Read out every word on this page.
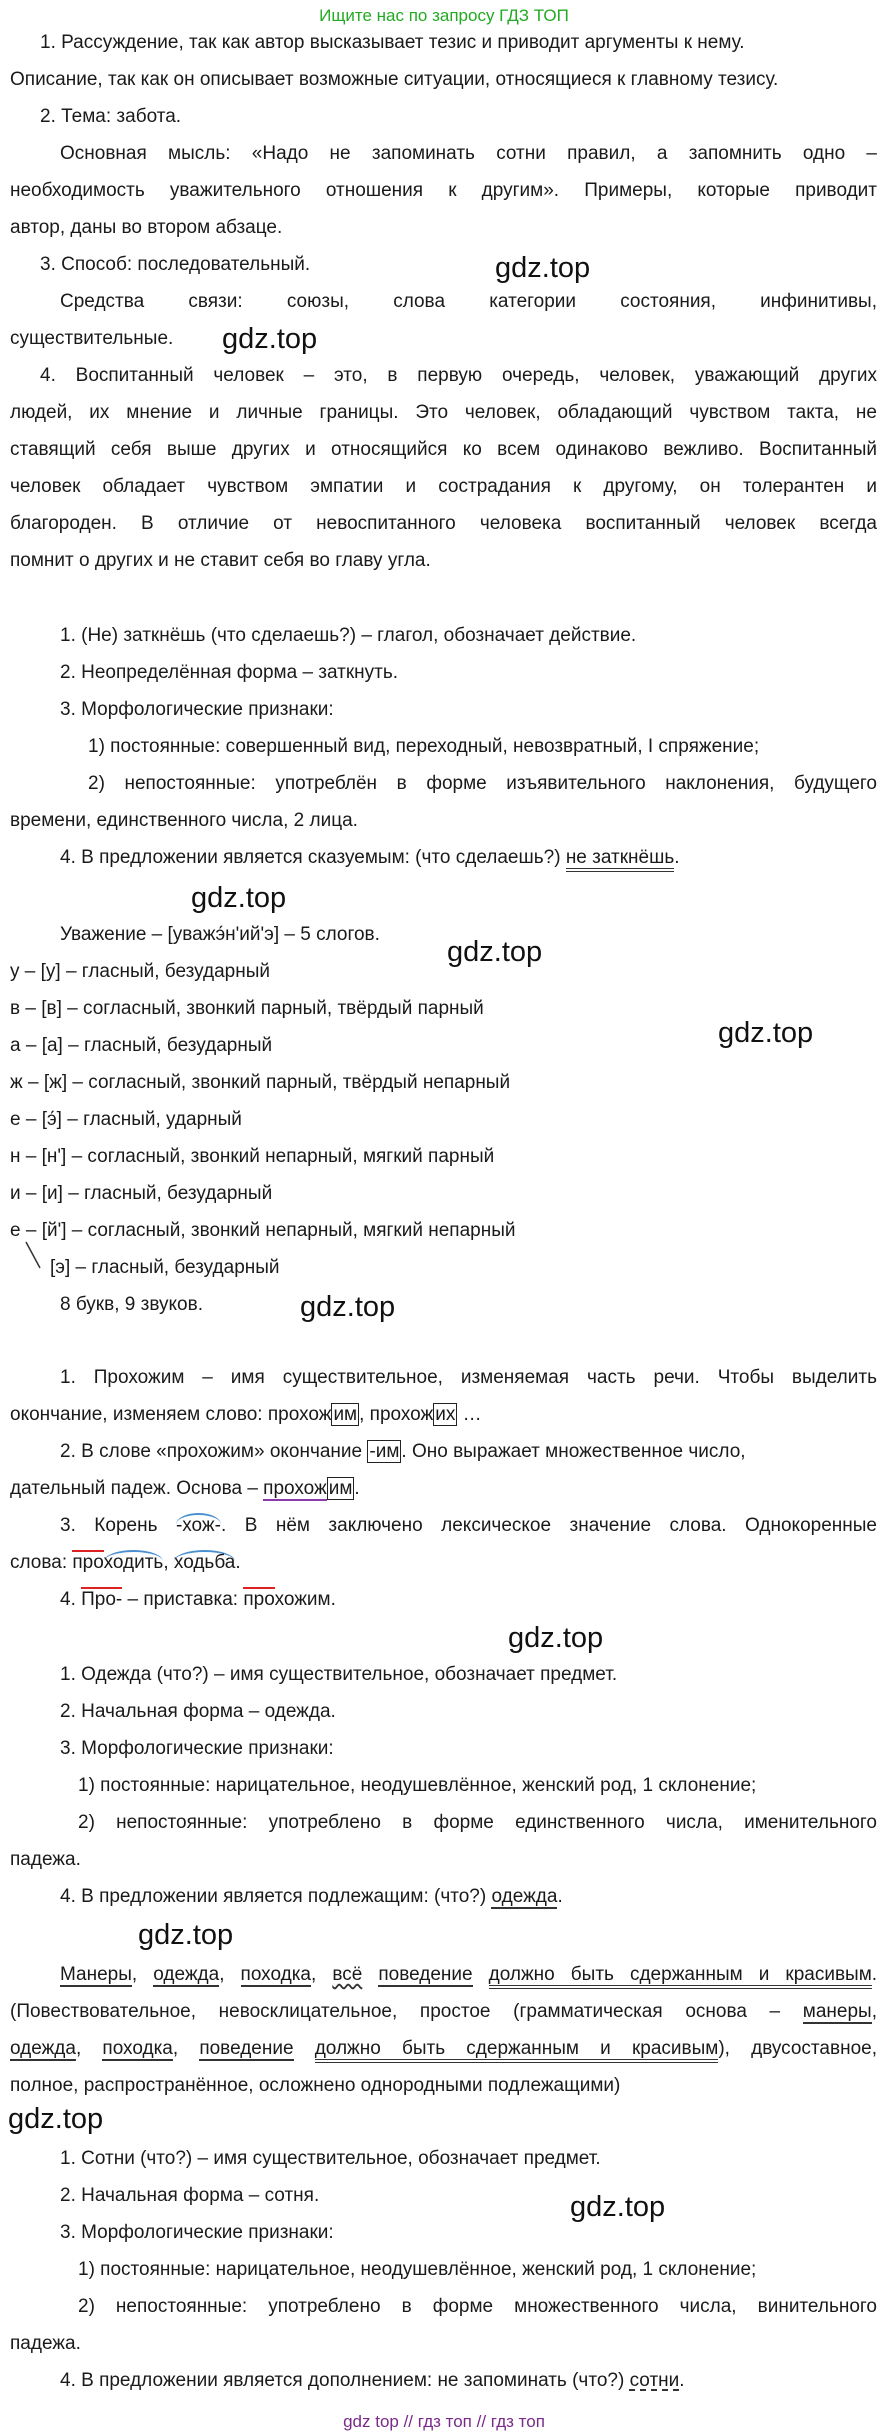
Ищите нас по запросу ГДЗ ТОП
gdz top // гдз топ // гдз топ
gdz.top
gdz.top
gdz.top
gdz.top
gdz.top
gdz.top
gdz.top
gdz.top
gdz.top
gdz.top
1. Рассуждение, так как автор высказывает тезис и приводит аргументы к нему.
Описание, так как он описывает возможные ситуации, относящиеся к главному тезису.
2. Тема: забота.
Основная мысль: «Надо не запоминать сотни правил, а запомнить одно –
необходимость уважительного отношения к другим». Примеры, которые приводит
автор, даны во втором абзаце.
3. Способ: последовательный.
Средства связи: союзы, слова категории состояния, инфинитивы,
существительные.
4. Воспитанный человек – это, в первую очередь, человек, уважающий других
людей, их мнение и личные границы. Это человек, обладающий чувством такта, не
ставящий себя выше других и относящийся ко всем одинаково вежливо. Воспитанный
человек обладает чувством эмпатии и сострадания к другому, он толерантен и
благороден. В отличие от невоспитанного человека воспитанный человек всегда
помнит о других и не ставит себя во главу угла.
1. (Не) заткнёшь (что сделаешь?) – глагол, обозначает действие.
2. Неопределённая форма – заткнуть.
3. Морфологические признаки:
1) постоянные: совершенный вид, переходный, невозвратный, I спряжение;
2) непостоянные: употреблён в форме изъявительного наклонения, будущего
времени, единственного числа, 2 лица.
4. В предложении является сказуемым: (что сделаешь?) не заткнёшь.
Уважение – [уважэ́н'ий'э] – 5 слогов.
у – [у] – гласный, безударный
в – [в] – согласный, звонкий парный, твёрдый парный
а – [а] – гласный, безударный
ж – [ж] – согласный, звонкий парный, твёрдый непарный
е – [э́] – гласный, ударный
н – [н'] – согласный, звонкий непарный, мягкий парный
и – [и] – гласный, безударный
е – [й'] – согласный, звонкий непарный, мягкий непарный
[э] – гласный, безударный
8 букв, 9 звуков.
1. Прохожим – имя существительное, изменяемая часть речи. Чтобы выделить
окончание, изменяем слово: прохож им , прохож их …
2. В слове «прохожим» окончание -им . Оно выражает множественное число,
дательный падеж. Основа – прохож им .
3. Корень -хож-. В нём заключено лексическое значение слова. Однокоренные
слова: проходить, ходьба.
4. Про- – приставка: прохожим.
1. Одежда (что?) – имя существительное, обозначает предмет.
2. Начальная форма – одежда.
3. Морфологические признаки:
1) постоянные: нарицательное, неодушевлённое, женский род, 1 склонение;
2) непостоянные: употреблено в форме единственного числа, именительного
падежа.
4. В предложении является подлежащим: (что?) одежда.
Манеры, одежда, походка, всё поведение должно быть сдержанным и красивым.
(Повествовательное, невосклицательное, простое (грамматическая основа – манеры,
одежда, походка, поведение должно быть сдержанным и красивым), двусоставное,
полное, распространённое, осложнено однородными подлежащими)
1. Сотни (что?) – имя существительное, обозначает предмет.
2. Начальная форма – сотня.
3. Морфологические признаки:
1) постоянные: нарицательное, неодушевлённое, женский род, 1 склонение;
2) непостоянные: употреблено в форме множественного числа, винительного
падежа.
4. В предложении является дополнением: не запоминать (что?) сотни.
